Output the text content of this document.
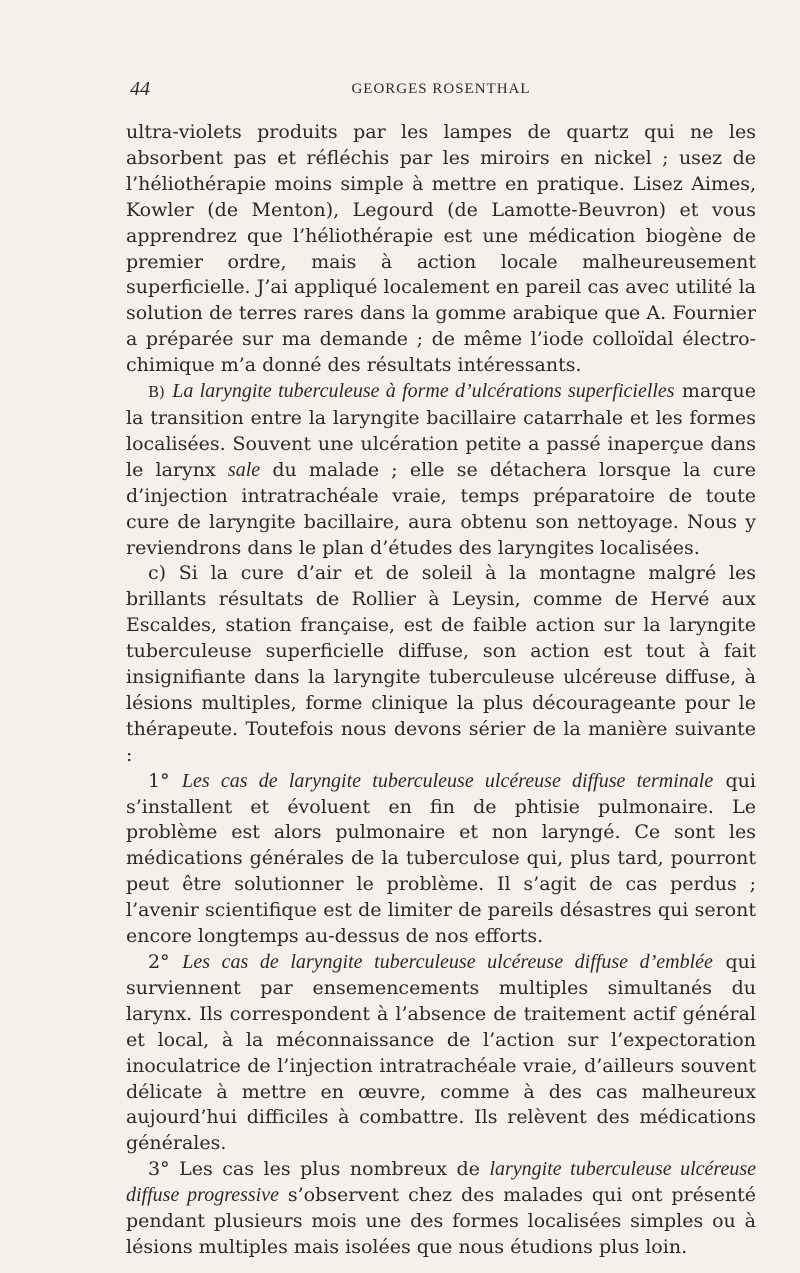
44	GEORGES ROSENTHAL

ultra-violets produits par les lampes de quartz qui ne les absorbent pas et réfléchis par les miroirs en nickel ; usez de l’héliothérapie moins simple à mettre en pratique. Lisez Aimes, Kowler (de Menton), Legourd (de Lamotte-Beuvron) et vous apprendrez que l’héliothérapie est une médication biogène de premier ordre, mais à action locale malheureusement superficielle. J’ai appliqué localement en pareil cas avec utilité la solution de terres rares dans la gomme arabique que A. Fournier a préparée sur ma demande ; de même l’iode colloïdal électro-chimique m’a donné des résultats intéressants.

B) La laryngite tuberculeuse à forme d’ulcérations superficielles marque la transition entre la laryngite bacillaire catarrhale et les formes localisées. Souvent une ulcération petite a passé inaperçue dans le larynx sale du malade ; elle se détachera lorsque la cure d’injection intratrachéale vraie, temps préparatoire de toute cure de laryngite bacillaire, aura obtenu son nettoyage. Nous y reviendrons dans le plan d’études des laryngites localisées.

c) Si la cure d’air et de soleil à la montagne malgré les brillants résultats de Rollier à Leysin, comme de Hervé aux Escaldes, station française, est de faible action sur la laryngite tuberculeuse superficielle diffuse, son action est tout à fait insignifiante dans la laryngite tuberculeuse ulcéreuse diffuse, à lésions multiples, forme clinique la plus décourageante pour le thérapeute. Toutefois nous devons sérier de la manière suivante :

1° Les cas de laryngite tuberculeuse ulcéreuse diffuse terminale qui s’installent et évoluent en fin de phtisie pulmonaire. Le problème est alors pulmonaire et non laryngé. Ce sont les médications générales de la tuberculose qui, plus tard, pourront peut être solutionner le problème. Il s’agit de cas perdus ; l’avenir scientifique est de limiter de pareils désastres qui seront encore longtemps au-dessus de nos efforts.

2° Les cas de laryngite tuberculeuse ulcéreuse diffuse d’emblée qui surviennent par ensemencements multiples simultanés du larynx. Ils correspondent à l’absence de traitement actif général et local, à la méconnaissance de l’action sur l’expectoration inoculatrice de l’injection intratrachéale vraie, d’ailleurs souvent délicate à mettre en œuvre, comme à des cas malheureux aujourd’hui difficiles à combattre. Ils relèvent des médications générales.

3° Les cas les plus nombreux de laryngite tuberculeuse ulcéreuse diffuse progressive s’observent chez des malades qui ont présenté pendant plusieurs mois une des formes localisées simples ou à lésions multiples mais isolées que nous étudions plus loin.
